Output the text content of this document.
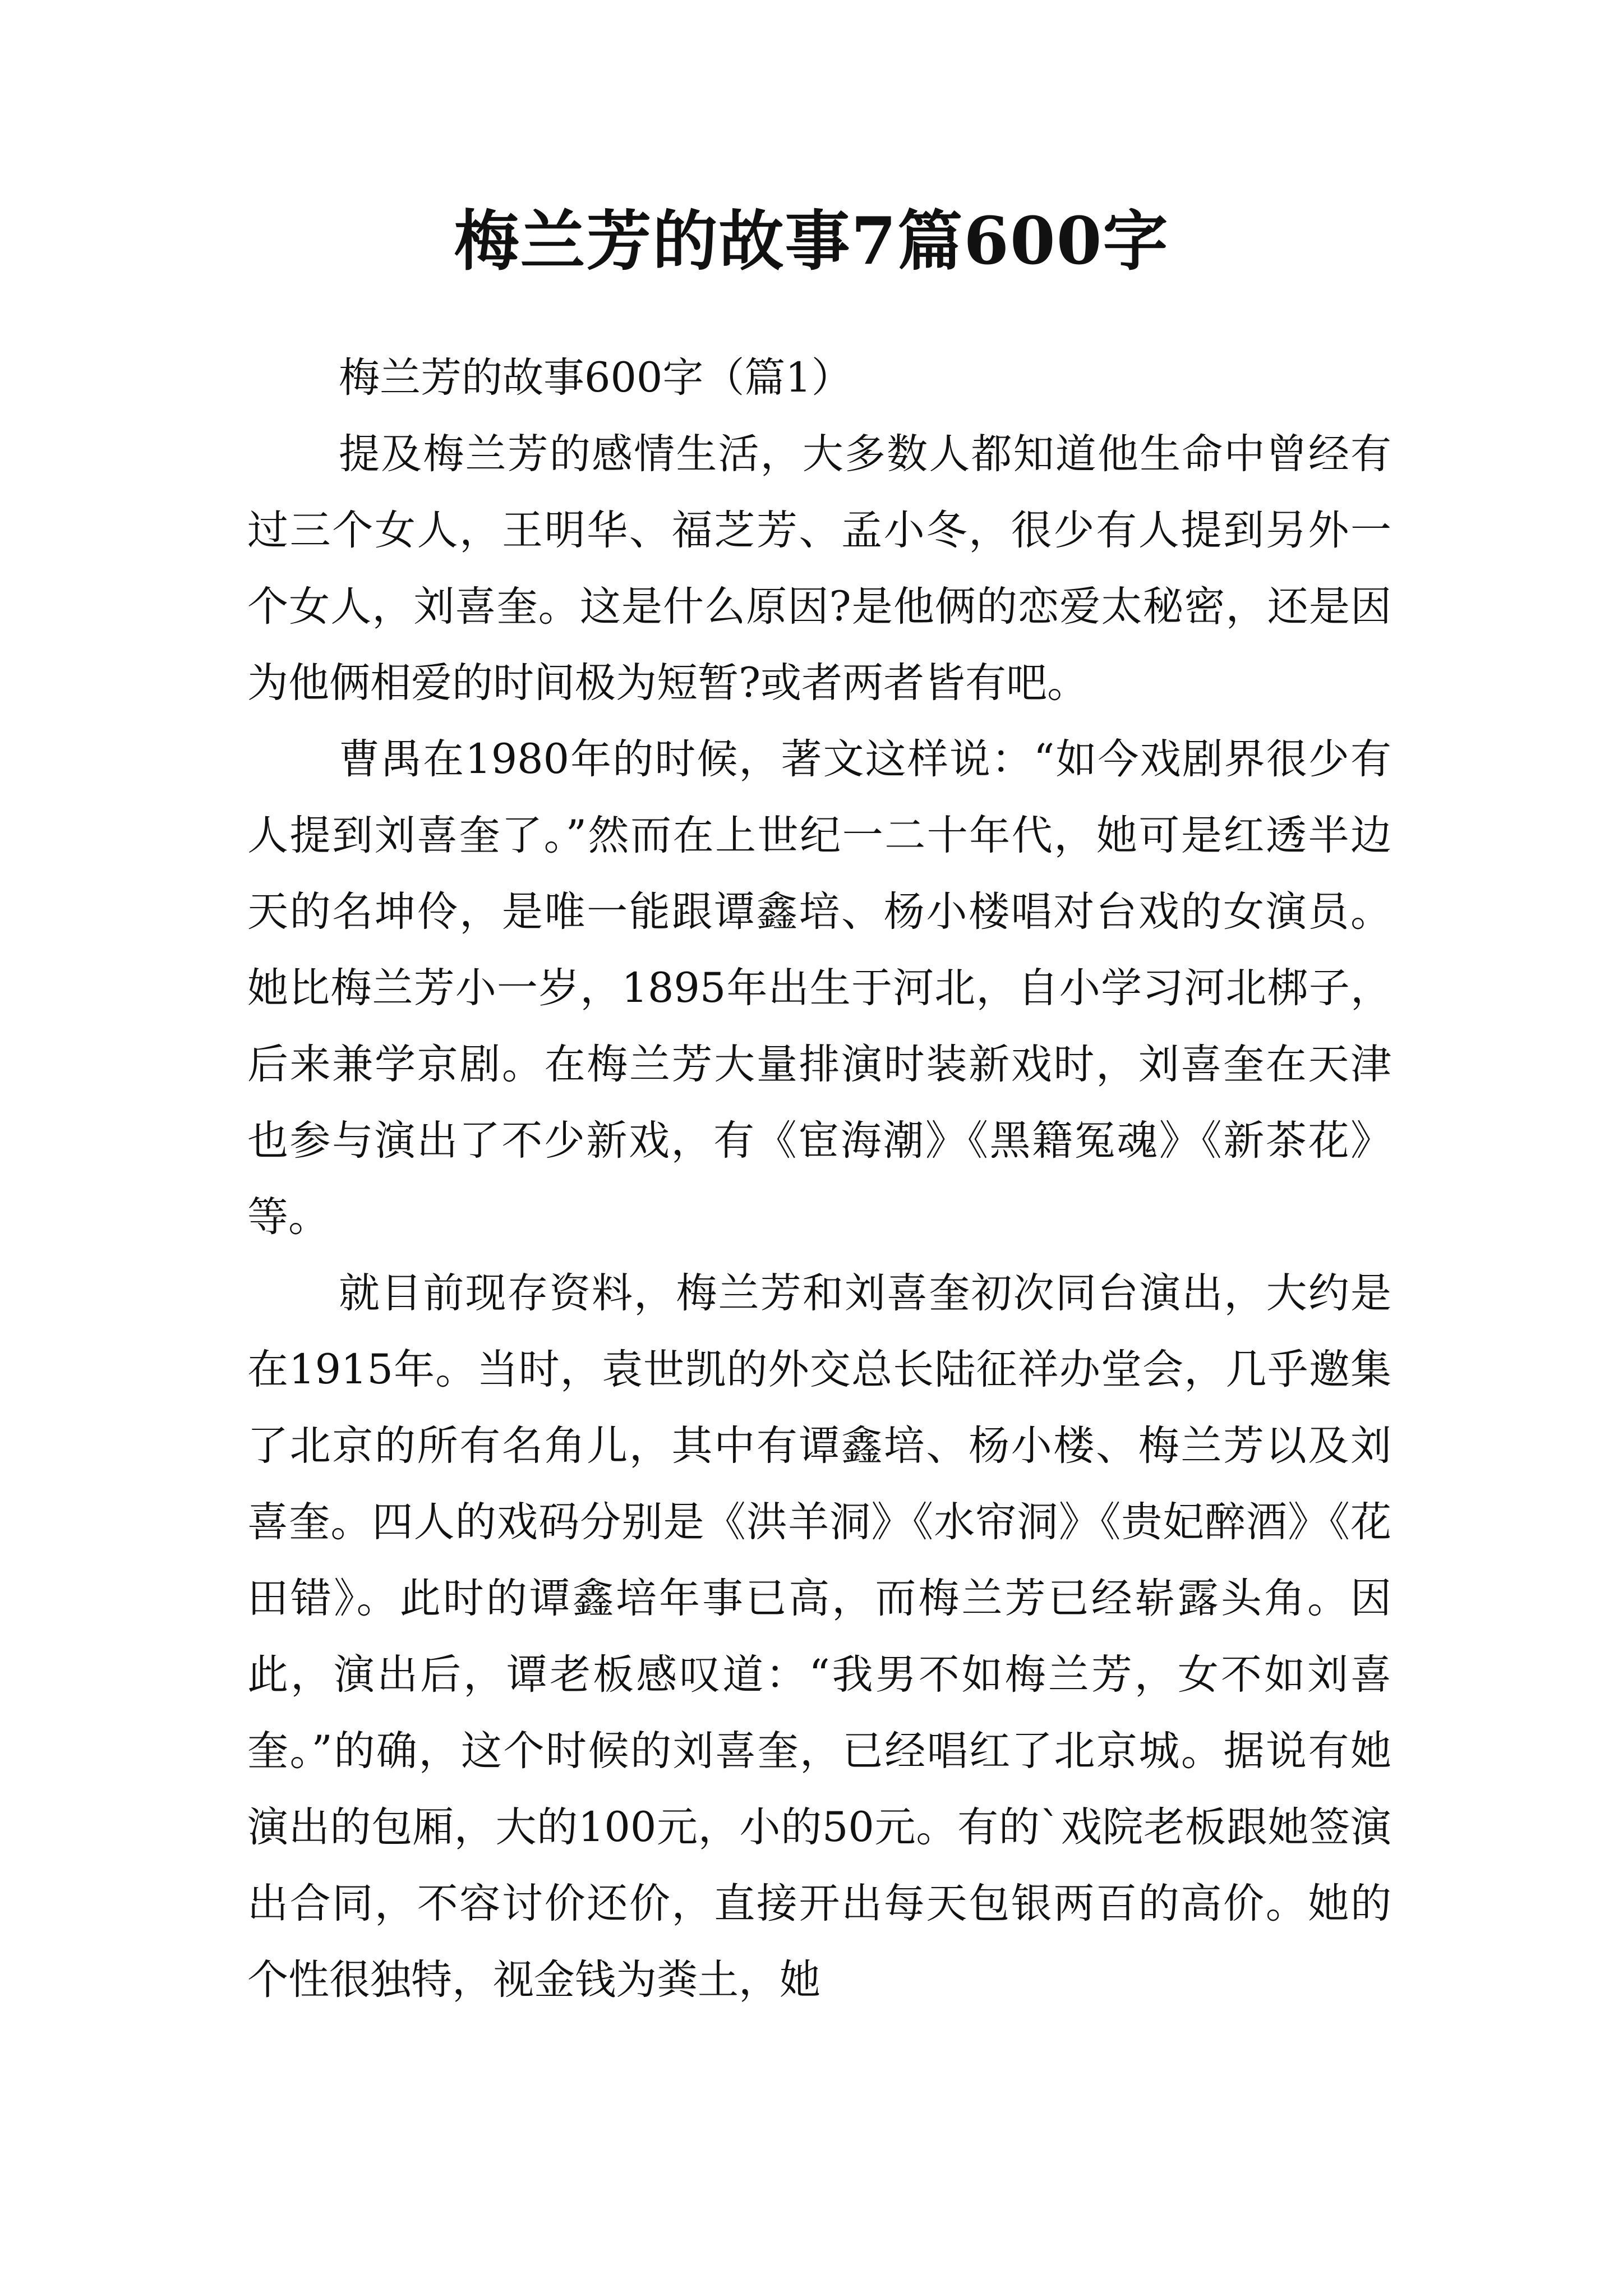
梅兰芳的故事7篇600字
梅兰芳的故事600字（篇1）

提及梅兰芳的感情生活，大多数人都知道他生命中曾经有过三个女人，王明华、福芝芳、孟小冬，很少有人提到另外一个女人，刘喜奎。这是什么原因?是他俩的恋爱太秘密，还是因为他俩相爱的时间极为短暂?或者两者皆有吧。

曹禺在1980年的时候，著文这样说：“如今戏剧界很少有人提到刘喜奎了。”然而在上世纪一二十年代，她可是红透半边天的名坤伶，是唯一能跟谭鑫培、杨小楼唱对台戏的女演员。她比梅兰芳小一岁，1895年出生于河北，自小学习河北梆子，后来兼学京剧。在梅兰芳大量排演时装新戏时，刘喜奎在天津也参与演出了不少新戏，有《宦海潮》《黑籍冤魂》《新茶花》等。

就目前现存资料，梅兰芳和刘喜奎初次同台演出，大约是在1915年。当时，袁世凯的外交总长陆征祥办堂会，几乎邀集了北京的所有名角儿，其中有谭鑫培、杨小楼、梅兰芳以及刘喜奎。四人的戏码分别是《洪羊洞》《水帘洞》《贵妃醉酒》《花田错》。此时的谭鑫培年事已高，而梅兰芳已经崭露头角。因此，演出后，谭老板感叹道：“我男不如梅兰芳，女不如刘喜奎。”的确，这个时候的刘喜奎，已经唱红了北京城。据说有她演出的包厢，大的100元，小的50元。有的`戏院老板跟她签演出合同，不容讨价还价，直接开出每天包银两百的高价。她的个性很独特，视金钱为粪土，她
